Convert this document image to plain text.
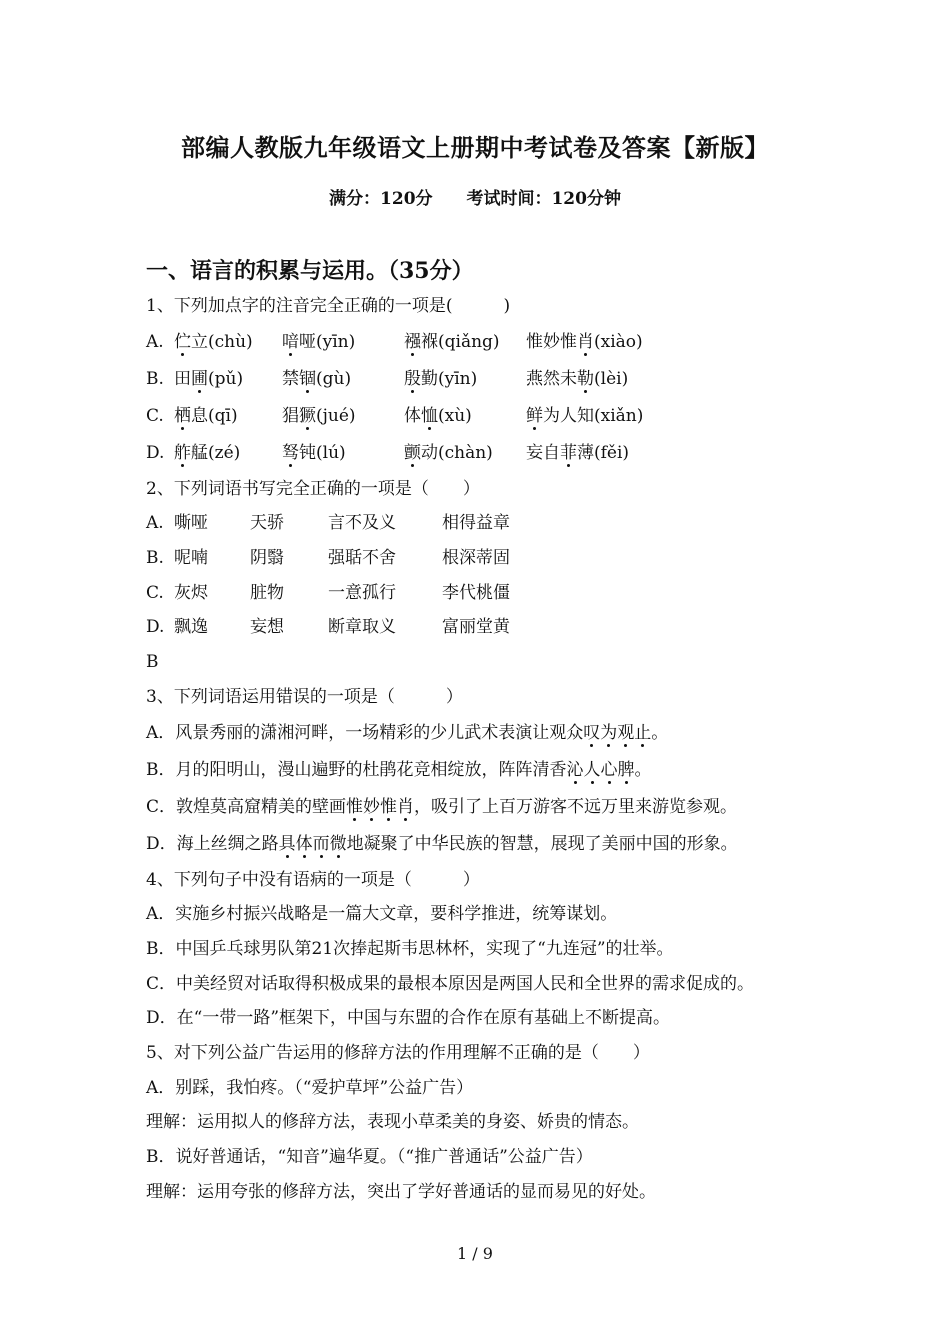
部编人教版九年级语文上册期中考试卷及答案【新版】
满分：120分 考试时间：120分钟
一、语言的积累与运用。（35分）
1、下列加点字的注音完全正确的一项是(　　　)
A. 伫立(chù) 喑哑(yīn)	襁褓(qiǎng) 惟妙惟肖(xiào)
B. 田圃(pǔ) 禁锢(gù)	殷勤(yīn)	燕然未勒(lèi)
C. 栖息(qī)	猖獗(jué)	体恤(xù)	鲜为人知(xiǎn)
D. 舴艋(zé) 驽钝(lú)	颤动(chàn) 妄自菲薄(fěi)
2、下列词语书写完全正确的一项是（　　）
A. 嘶哑 天骄	言不及义	相得益章
B. 呢喃 阴翳	强聒不舍	根深蒂固
C. 灰烬 脏物	一意孤行	李代桃僵
D. 飘逸 妄想	断章取义	富丽堂黄
B
3、下列词语运用错误的一项是（　　　）
A．风景秀丽的潇湘河畔，一场精彩的少儿武术表演让观众叹为观止。
B．月的阳明山，漫山遍野的杜鹃花竞相绽放，阵阵清香沁人心脾。
C．敦煌莫高窟精美的壁画惟妙惟肖，吸引了上百万游客不远万里来游览参观。
D．海上丝绸之路具体而微地凝聚了中华民族的智慧，展现了美丽中国的形象。
4、下列句子中没有语病的一项是（　　　）
A．实施乡村振兴战略是一篇大文章，要科学推进，统筹谋划。
B．中国乒乓球男队第21次捧起斯韦思林杯，实现了“九连冠”的壮举。
C．中美经贸对话取得积极成果的最根本原因是两国人民和全世界的需求促成的。
D．在“一带一路”框架下，中国与东盟的合作在原有基础上不断提高。
5、对下列公益广告运用的修辞方法的作用理解不正确的是（　　）
A．别踩，我怕疼。（“爱护草坪”公益广告）
理解：运用拟人的修辞方法，表现小草柔美的身姿、娇贵的情态。
B．说好普通话，“知音”遍华夏。（“推广普通话”公益广告）
理解：运用夸张的修辞方法，突出了学好普通话的显而易见的好处。
1 / 9
